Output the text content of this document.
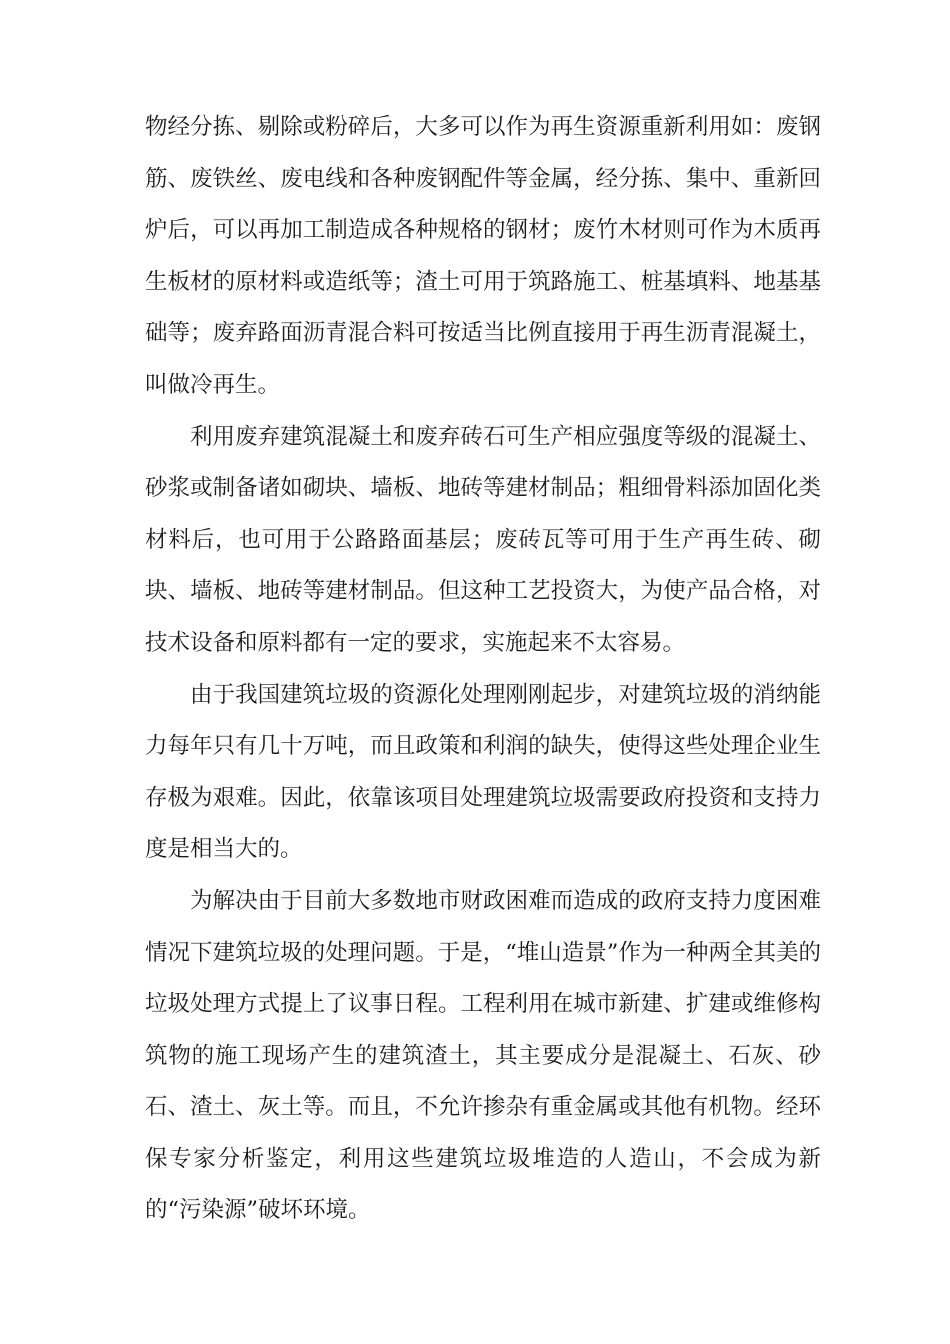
物经分拣、剔除或粉碎后，大多可以作为再生资源重新利用如：废钢筋、废铁丝、废电线和各种废钢配件等金属，经分拣、集中、重新回炉后，可以再加工制造成各种规格的钢材；废竹木材则可作为木质再生板材的原材料或造纸等；渣土可用于筑路施工、桩基填料、地基基础等；废弃路面沥青混合料可按适当比例直接用于再生沥青混凝土，叫做冷再生。

利用废弃建筑混凝土和废弃砖石可生产相应强度等级的混凝土、砂浆或制备诸如砌块、墙板、地砖等建材制品；粗细骨料添加固化类材料后，也可用于公路路面基层；废砖瓦等可用于生产再生砖、砌块、墙板、地砖等建材制品。但这种工艺投资大，为使产品合格，对技术设备和原料都有一定的要求，实施起来不太容易。

由于我国建筑垃圾的资源化处理刚刚起步，对建筑垃圾的消纳能力每年只有几十万吨，而且政策和利润的缺失，使得这些处理企业生存极为艰难。因此，依靠该项目处理建筑垃圾需要政府投资和支持力度是相当大的。

为解决由于目前大多数地市财政困难而造成的政府支持力度困难情况下建筑垃圾的处理问题。于是，“堆山造景”作为一种两全其美的垃圾处理方式提上了议事日程。工程利用在城市新建、扩建或维修构筑物的施工现场产生的建筑渣土，其主要成分是混凝土、石灰、砂石、渣土、灰土等。而且，不允许掺杂有重金属或其他有机物。经环保专家分析鉴定，利用这些建筑垃圾堆造的人造山，不会成为新的“污染源”破坏环境。
